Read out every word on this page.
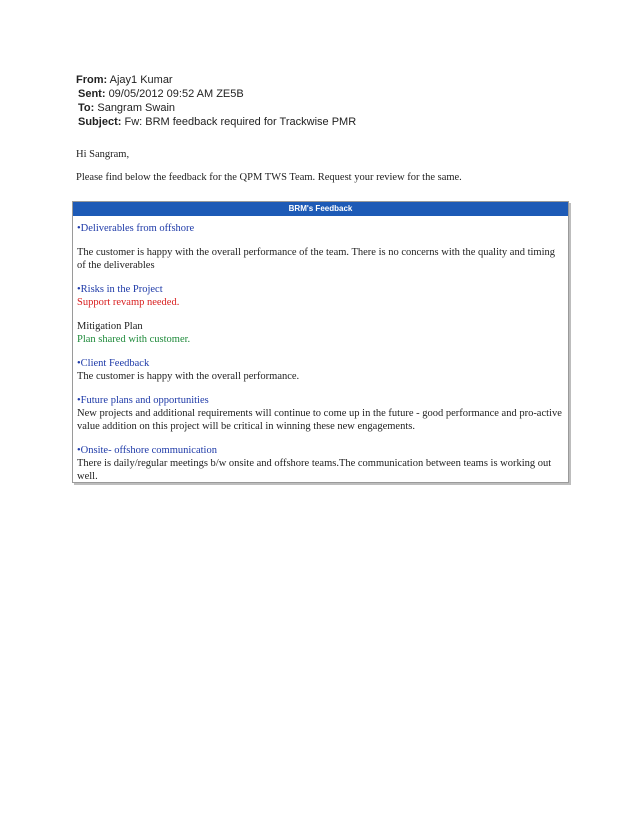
From: Ajay1 Kumar
Sent: 09/05/2012 09:52 AM ZE5B
To: Sangram Swain
Subject: Fw: BRM feedback required for Trackwise PMR
Hi Sangram,
Please find below the feedback for the QPM TWS Team. Request your review for the same.
BRM's Feedback
•Deliverables from offshore
The customer is happy with the overall performance of the team. There is no concerns with the quality and timing of the deliverables
•Risks in the Project
Support revamp needed.
Mitigation Plan
Plan shared with customer.
•Client Feedback
The customer is happy with the overall performance.
•Future plans and opportunities
New projects and additional requirements will continue to come up in the future - good performance and pro-active value addition on this project will be critical in winning these new engagements.
•Onsite- offshore communication
There is daily/regular meetings b/w onsite and offshore teams.The communication between teams is working out well.
